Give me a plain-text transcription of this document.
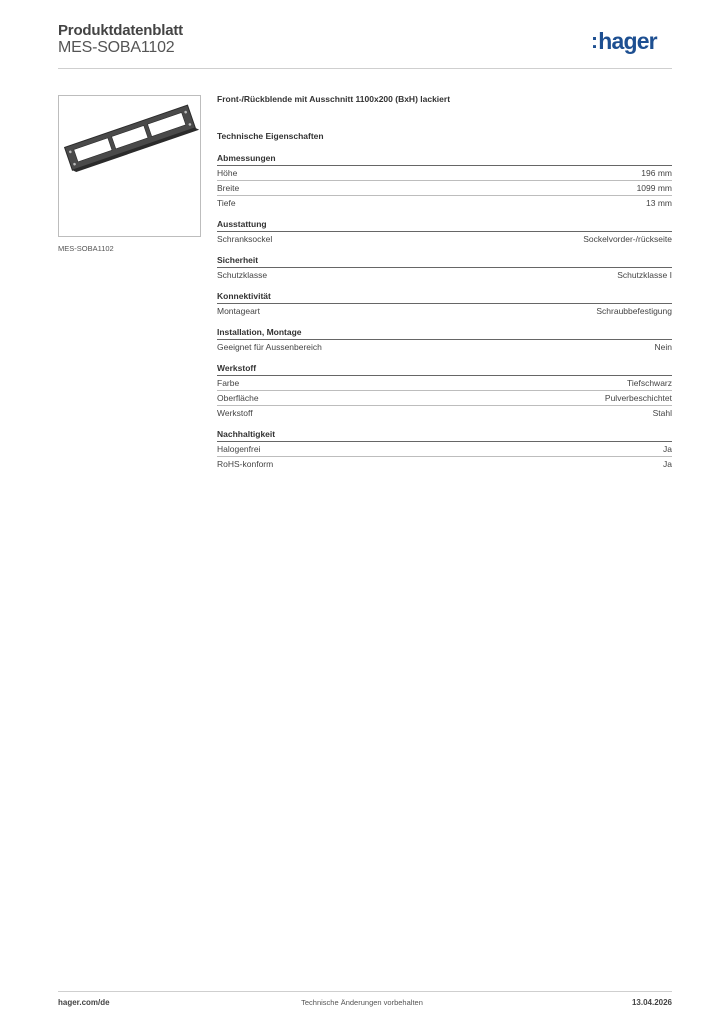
Produktdatenblatt
MES-SOBA1102	:hager
MES-SOBA1102
Front-/Rückblende mit Ausschnitt 1100x200 (BxH) lackiert
Technische Eigenschaften
Abmessungen
Höhe	196 mm
Breite	1099 mm
Tiefe	13 mm
Ausstattung
Schranksockel	Sockelvorder-/rückseite
Sicherheit
Schutzklasse	Schutzklasse I
Konnektivität
Montageart	Schraubbefestigung
Installation, Montage
Geeignet für Aussenbereich	Nein
Werkstoff
Farbe	Tiefschwarz
Oberfläche	Pulverbeschichtet
Werkstoff	Stahl
Nachhaltigkeit
Halogenfrei	Ja
RoHS-konform	Ja
hager.com/de	Technische Änderungen vorbehalten	13.04.2026
